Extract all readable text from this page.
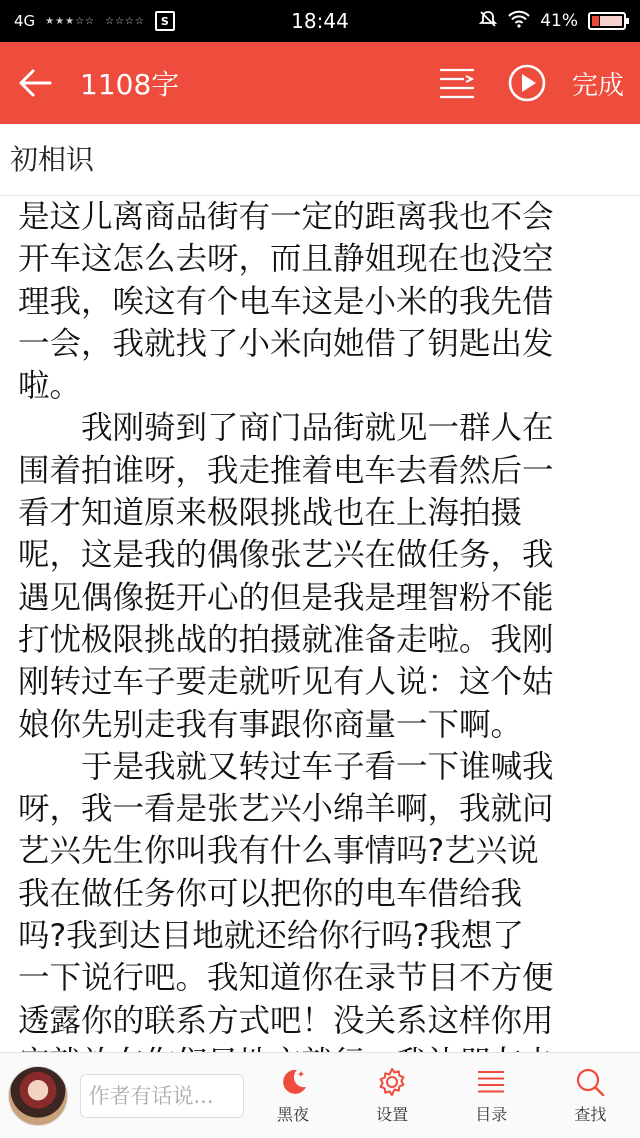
4G ★★★☆☆ ☆☆☆☆	S	18:44	41%
1108字	完成
初相识

是这儿离商品街有一定的距离我也不会

开车这怎么去呀，而且静姐现在也没空

理我，唉这有个电车这是小米的我先借

一会，我就找了小米向她借了钥匙出发

啦。

　　我刚骑到了商门品街就见一群人在

围着拍谁呀，我走推着电车去看然后一

看才知道原来极限挑战也在上海拍摄

呢，这是我的偶像张艺兴在做任务，我

遇见偶像挺开心的但是我是理智粉不能

打忧极限挑战的拍摄就准备走啦。我刚

刚转过车子要走就听见有人说：这个姑

娘你先别走我有事跟你商量一下啊。

　　于是我就又转过车子看一下谁喊我

呀，我一看是张艺兴小绵羊啊，我就问

艺兴先生你叫我有什么事情吗?艺兴说

我在做任务你可以把你的电车借给我

吗?我到达目地就还给你行吗?我想了

一下说行吧。我知道你在录节目不方便

透露你的联系方式吧！没关系这样你用

作者有话说...
黑夜	设置	目录	查找
